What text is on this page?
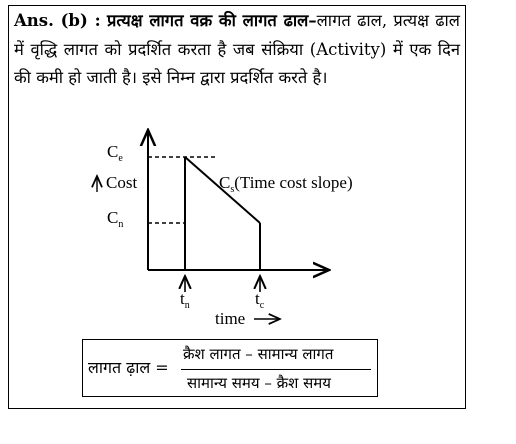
Ans. (b) : प्रत्यक्ष लागत वक्र की लागत ढाल–लागत ढाल, प्रत्यक्ष ढाल में वृद्धि लागत को प्रदर्शित करता है जब संक्रिया (Activity) में एक दिन की कमी हो जाती है। इसे निम्न द्वारा प्रदर्शित करते है।
$C_e$
$C_n$
Cost	$C_s(Time$ cost slope)
$t_n$	$t_c$
time
लागत ढ़ाल =
क्रैश लागत – सामान्य लागत
सामान्य समय – क्रैश समय
